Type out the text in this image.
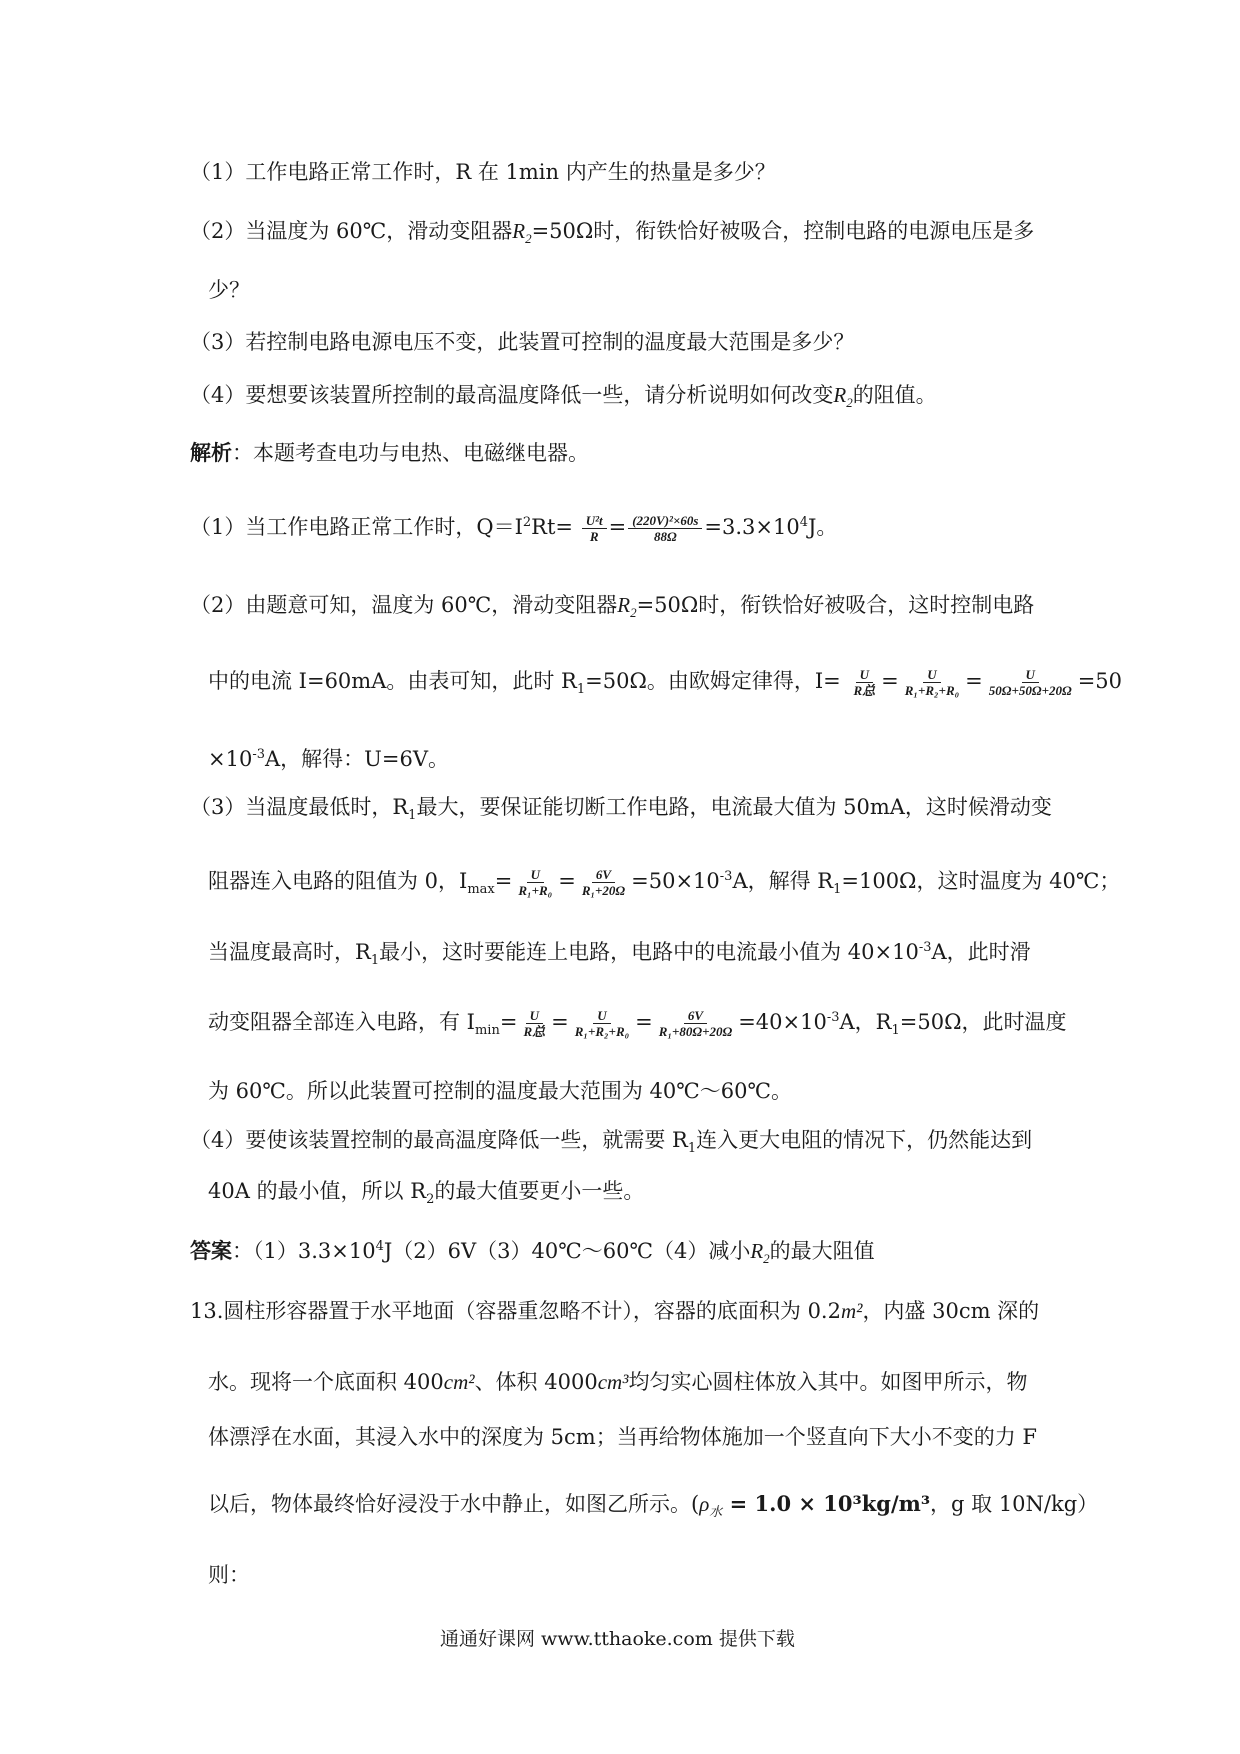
（1）工作电路正常工作时，R 在 1min 内产生的热量是多少？
（2）当温度为 60℃，滑动变阻器$R_2=50\Omega$时，衔铁恰好被吸合，控制电路的电源电压是多
少？
（3）若控制电路电源电压不变，此装置可控制的温度最大范围是多少？
（4）要想要该装置所控制的最高温度降低一些，请分析说明如何改变$R_2$的阻值。
解析：本题考查电功与电热、电磁继电器。
（1）当工作电路正常工作时，$Q=I^2Rt= \frac{\text{U²t}}{R} = \frac{\text{(220V)²×60s}}{88\Omega} =3.3\times 10^4J$。
（2）由题意可知，温度为 60℃，滑动变阻器$R_2=50\Omega$时，衔铁恰好被吸合，这时控制电路
中的电流 I=60mA。由表可知，此时 $R_1=50\Omega$。由欧姆定律得，$I= \frac{U}{\text{R总}} = \frac{U}{\text{R₁+R₂+R₀}} = \frac{U}{50\Omega+50\Omega+20\Omega} =50$
$\times 10^{-3}A$，解得：U=6V。
（3）当温度最低时，$R_1$最大，要保证能切断工作电路，电流最大值为 50mA，这时候滑动变
阻器连入电路的阻值为 0，$I_{max}= \frac{U}{\text{R₁+R₀}} = \frac{6V}{\text{R₁+20Ω}} =50\times 10^{-3}A$，解得 $R_1=100\Omega$，这时温度为 40℃；
当温度最高时，$R_1$最小，这时要能连上电路，电路中的电流最小值为 $40\times 10^{-3}A$，此时滑
动变阻器全部连入电路，有 $I_{min}= \frac{U}{\text{R总}} = \frac{U}{\text{R₁+R₂+R₀}} = \frac{6V}{\text{R₁+80Ω+20Ω}} =40\times 10^{-3}A$，$R_1=50\Omega$，此时温度
为 60℃。所以此装置可控制的温度最大范围为 40℃～60℃。
（4）要使该装置控制的最高温度降低一些，就需要 $R_1$连入更大电阻的情况下，仍然能达到
40A 的最小值，所以 $R_2$的最大值要更小一些。
答案：$(1)3.3\times 10^4J(2)6V(3)40℃\sim 60℃(4)$减小$R_2$的最大阻值
13.圆柱形容器置于水平地面（容器重忽略不计），容器的底面积为 0.2m²，内盛 30cm 深的
水。现将一个底面积 400cm²、体积 4000cm³均匀实心圆柱体放入其中。如图甲所示，物
体漂浮在水面，其浸入水中的深度为 5cm；当再给物体施加一个竖直向下大小不变的力 F
以后，物体最终恰好浸没于水中静止，如图乙所示。($\rho_水 = 1.0 \times 10^3kg/m^3$，g 取 10N/kg）
则：
通通好课网 www.tthaoke.com 提供下载
